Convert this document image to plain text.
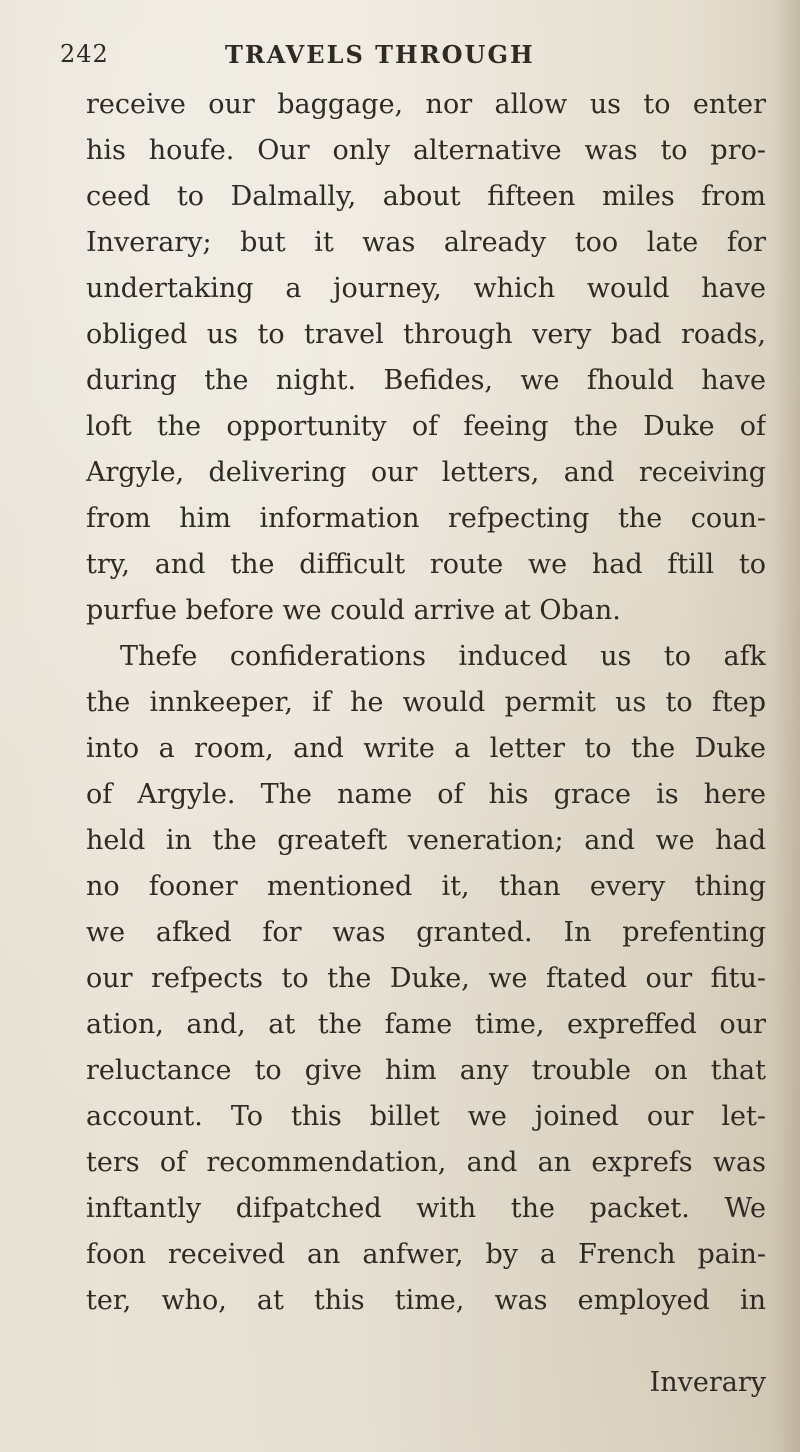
242	TRAVELS THROUGH
receive our baggage, nor allow us to enter
his houfe. Our only alternative was to pro-
ceed to Dalmally, about fifteen miles from
Inverary; but it was already too late for
undertaking a journey, which would have
obliged us to travel through very bad roads,
during the night. Befides, we fhould have
loft the opportunity of feeing the Duke of
Argyle, delivering our letters, and receiving
from him information refpecting the coun-
try, and the difficult route we had ftill to
purfue before we could arrive at Oban.
Thefe confiderations induced us to afk
the innkeeper, if he would permit us to ftep
into a room, and write a letter to the Duke
of Argyle. The name of his grace is here
held in the greateft veneration; and we had
no fooner mentioned it, than every thing
we afked for was granted. In prefenting
our refpects to the Duke, we ftated our fitu-
ation, and, at the fame time, expreffed our
reluctance to give him any trouble on that
account. To this billet we joined our let-
ters of recommendation, and an exprefs was
inftantly difpatched with the packet. We
foon received an anfwer, by a French pain-
ter, who, at this time, was employed in
Inverary
